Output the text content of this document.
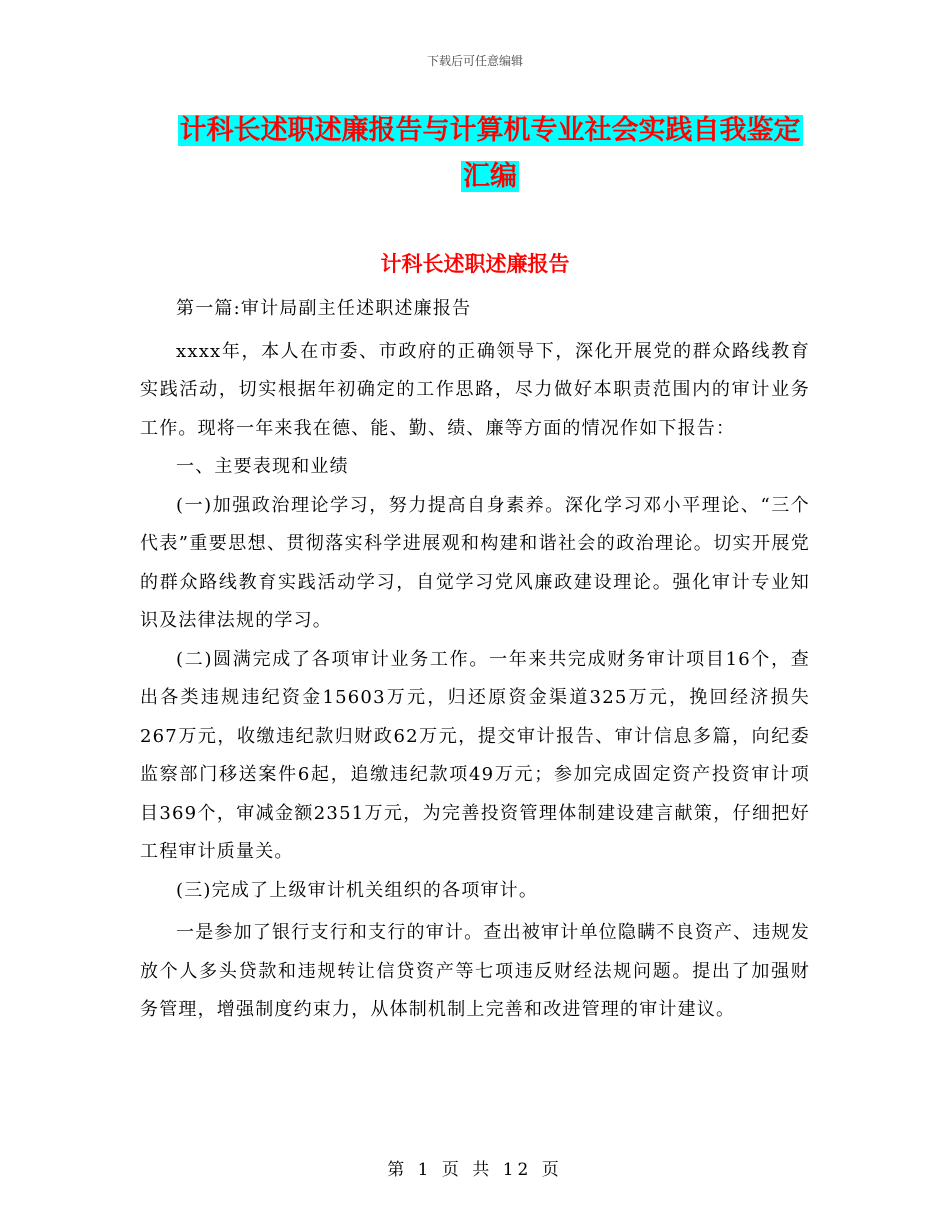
下载后可任意编辑
计科长述职述廉报告与计算机专业社会实践自我鉴定
汇编
计科长述职述廉报告

第一篇:审计局副主任述职述廉报告

xxxx年，本人在市委、市政府的正确领导下，深化开展党的群众路线教育实践活动，切实根据年初确定的工作思路，尽力做好本职责范围内的审计业务工作。现将一年来我在德、能、勤、绩、廉等方面的情况作如下报告：

一、主要表现和业绩

(一)加强政治理论学习，努力提高自身素养。深化学习邓小平理论、“三个代表”重要思想、贯彻落实科学进展观和构建和谐社会的政治理论。切实开展党的群众路线教育实践活动学习，自觉学习党风廉政建设理论。强化审计专业知识及法律法规的学习。

(二)圆满完成了各项审计业务工作。一年来共完成财务审计项目16个，查出各类违规违纪资金15603万元，归还原资金渠道325万元，挽回经济损失267万元，收缴违纪款归财政62万元，提交审计报告、审计信息多篇，向纪委监察部门移送案件6起，追缴违纪款项49万元；参加完成固定资产投资审计项目369个，审减金额2351万元，为完善投资管理体制建设建言献策，仔细把好工程审计质量关。

(三)完成了上级审计机关组织的各项审计。

一是参加了银行支行和支行的审计。查出被审计单位隐瞒不良资产、违规发放个人多头贷款和违规转让信贷资产等七项违反财经法规问题。提出了加强财务管理，增强制度约束力，从体制机制上完善和改进管理的审计建议。

第 1 页 共 12 页
